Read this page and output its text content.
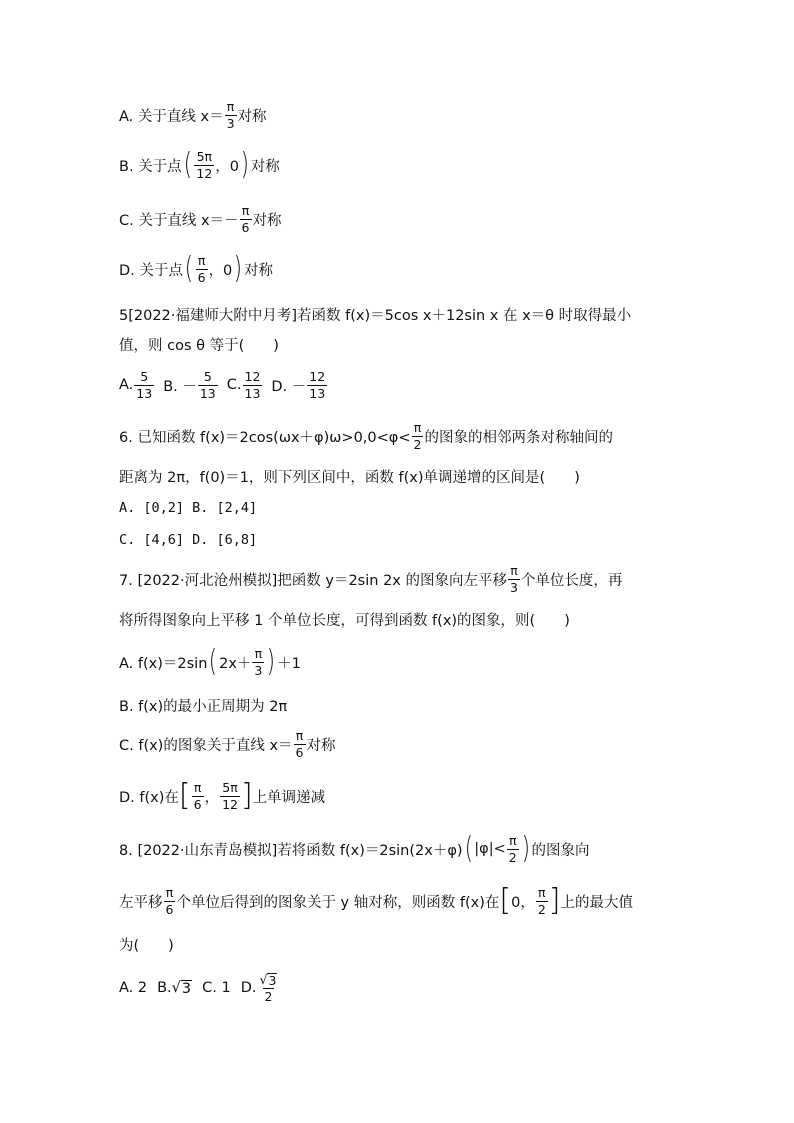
A. 关于直线 $x= \frac{\pi}{3}$ 对称
B. 关于点 ( $\frac{5\pi}{12}$ ，0 ) 对称
C. 关于直线 $x=- \frac{\pi}{6}$ 对称
D. 关于点 ( $\frac{\pi}{6}$ ，0 ) 对称
5[2022·福建师大附中月考]若函数 f(x)＝5cos x＋12sin x 在 x＝θ 时取得最小
值，则 cos θ 等于(　　)
A. $\frac{5}{13} B$. － $\frac{5}{13} C$. $\frac{12}{13} D$. － $\frac{12}{13}$
6. 已知函数 $f(x)=2\cos(\omega x+\varphi)\omega>0,0<\varphi< \frac{\pi}{2}$ 的图象的相邻两条对称轴间的
距离为 2π，f(0)＝1，则下列区间中，函数 f(x)单调递增的区间是(　　)
A. [0,2] B. [2,4]
C. [4,6] D. [6,8]
7. [2022·河北沧州模拟]把函数 y＝2sin 2x 的图象向左平移 $\frac{\pi}{3}$ 个单位长度，再
将所得图象向上平移 1 个单位长度，可得到函数 f(x)的图象，则(　　)
A. f(x)＝2sin ( $2x+ \frac{\pi}{3}$ ) ＋1
B. f(x)的最小正周期为 2π
C. f(x)的图象关于直线 $x= \frac{\pi}{6}$ 对称
D. f(x)在 [ $\frac{\pi}{6}$ ， $\frac{5\pi}{12}$ ] 上单调递减
8. [2022·山东青岛模拟]若将函数 f(x)＝2sin(2x＋φ) ( $|\varphi|< \frac{\pi}{2}$ ) 的图象向
左平移 $\frac{\pi}{6}$ 个单位后得到的图象关于 y 轴对称，则函数 f(x)在 [ 0， $\frac{\pi}{2}$ ] 上的最大值
为(　　)
A. 2 B. √ 3 C. 1 D. $\frac{√ 3}{2}$
